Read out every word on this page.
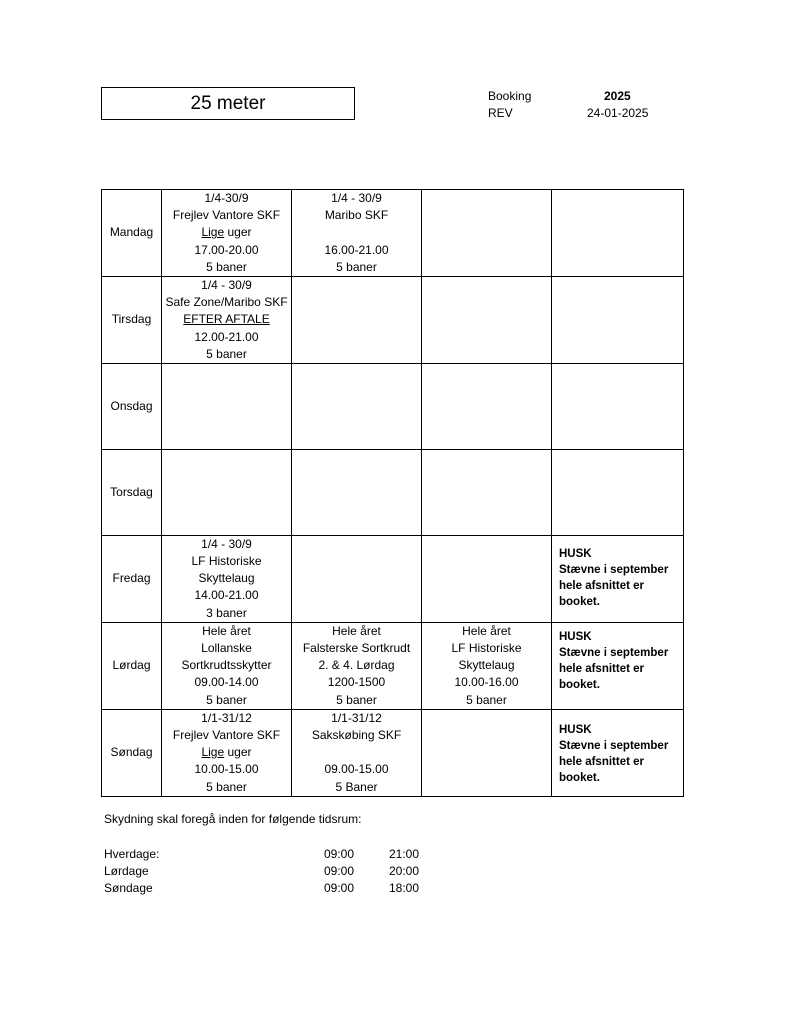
25 meter	Booking	2025
REV	24-01-2025
Mandag	1/4-30/9
Frejlev Vantore SKF
Lige uger
17.00-20.00
5 baner	1/4 - 30/9
Maribo SKF
16.00-21.00
5 baner		

Tirsdag	1/4 - 30/9
Safe Zone/Maribo SKF
EFTER AFTALE
12.00-21.00
5 baner			

Onsdag				
Torsdag				
Fredag	1/4 - 30/9
LF Historiske
Skyttelaug
14.00-21.00
3 baner			HUSK
Stævne i september
hele afsnittet er
booket.

Lørdag	Hele året
Lollanske
Sortkrudtsskytter
09.00-14.00
5 baner	Hele året
Falsterske Sortkrudt
2. & 4. Lørdag
1200-1500
5 baner	Hele året
LF Historiske
Skyttelaug
10.00-16.00
5 baner	HUSK
Stævne i september
hele afsnittet er
booket.

Søndag	1/1-31/12
Frejlev Vantore SKF
Lige uger
10.00-15.00
5 baner	1/1-31/12
Sakskøbing SKF
09.00-15.00
5 Baner		HUSK
Stævne i september
hele afsnittet er
booket.
Skydning skal foregå inden for følgende tidsrum:
Hverdage:	09:00	21:00
Lørdage	09:00	20:00
Søndage	09:00	18:00
